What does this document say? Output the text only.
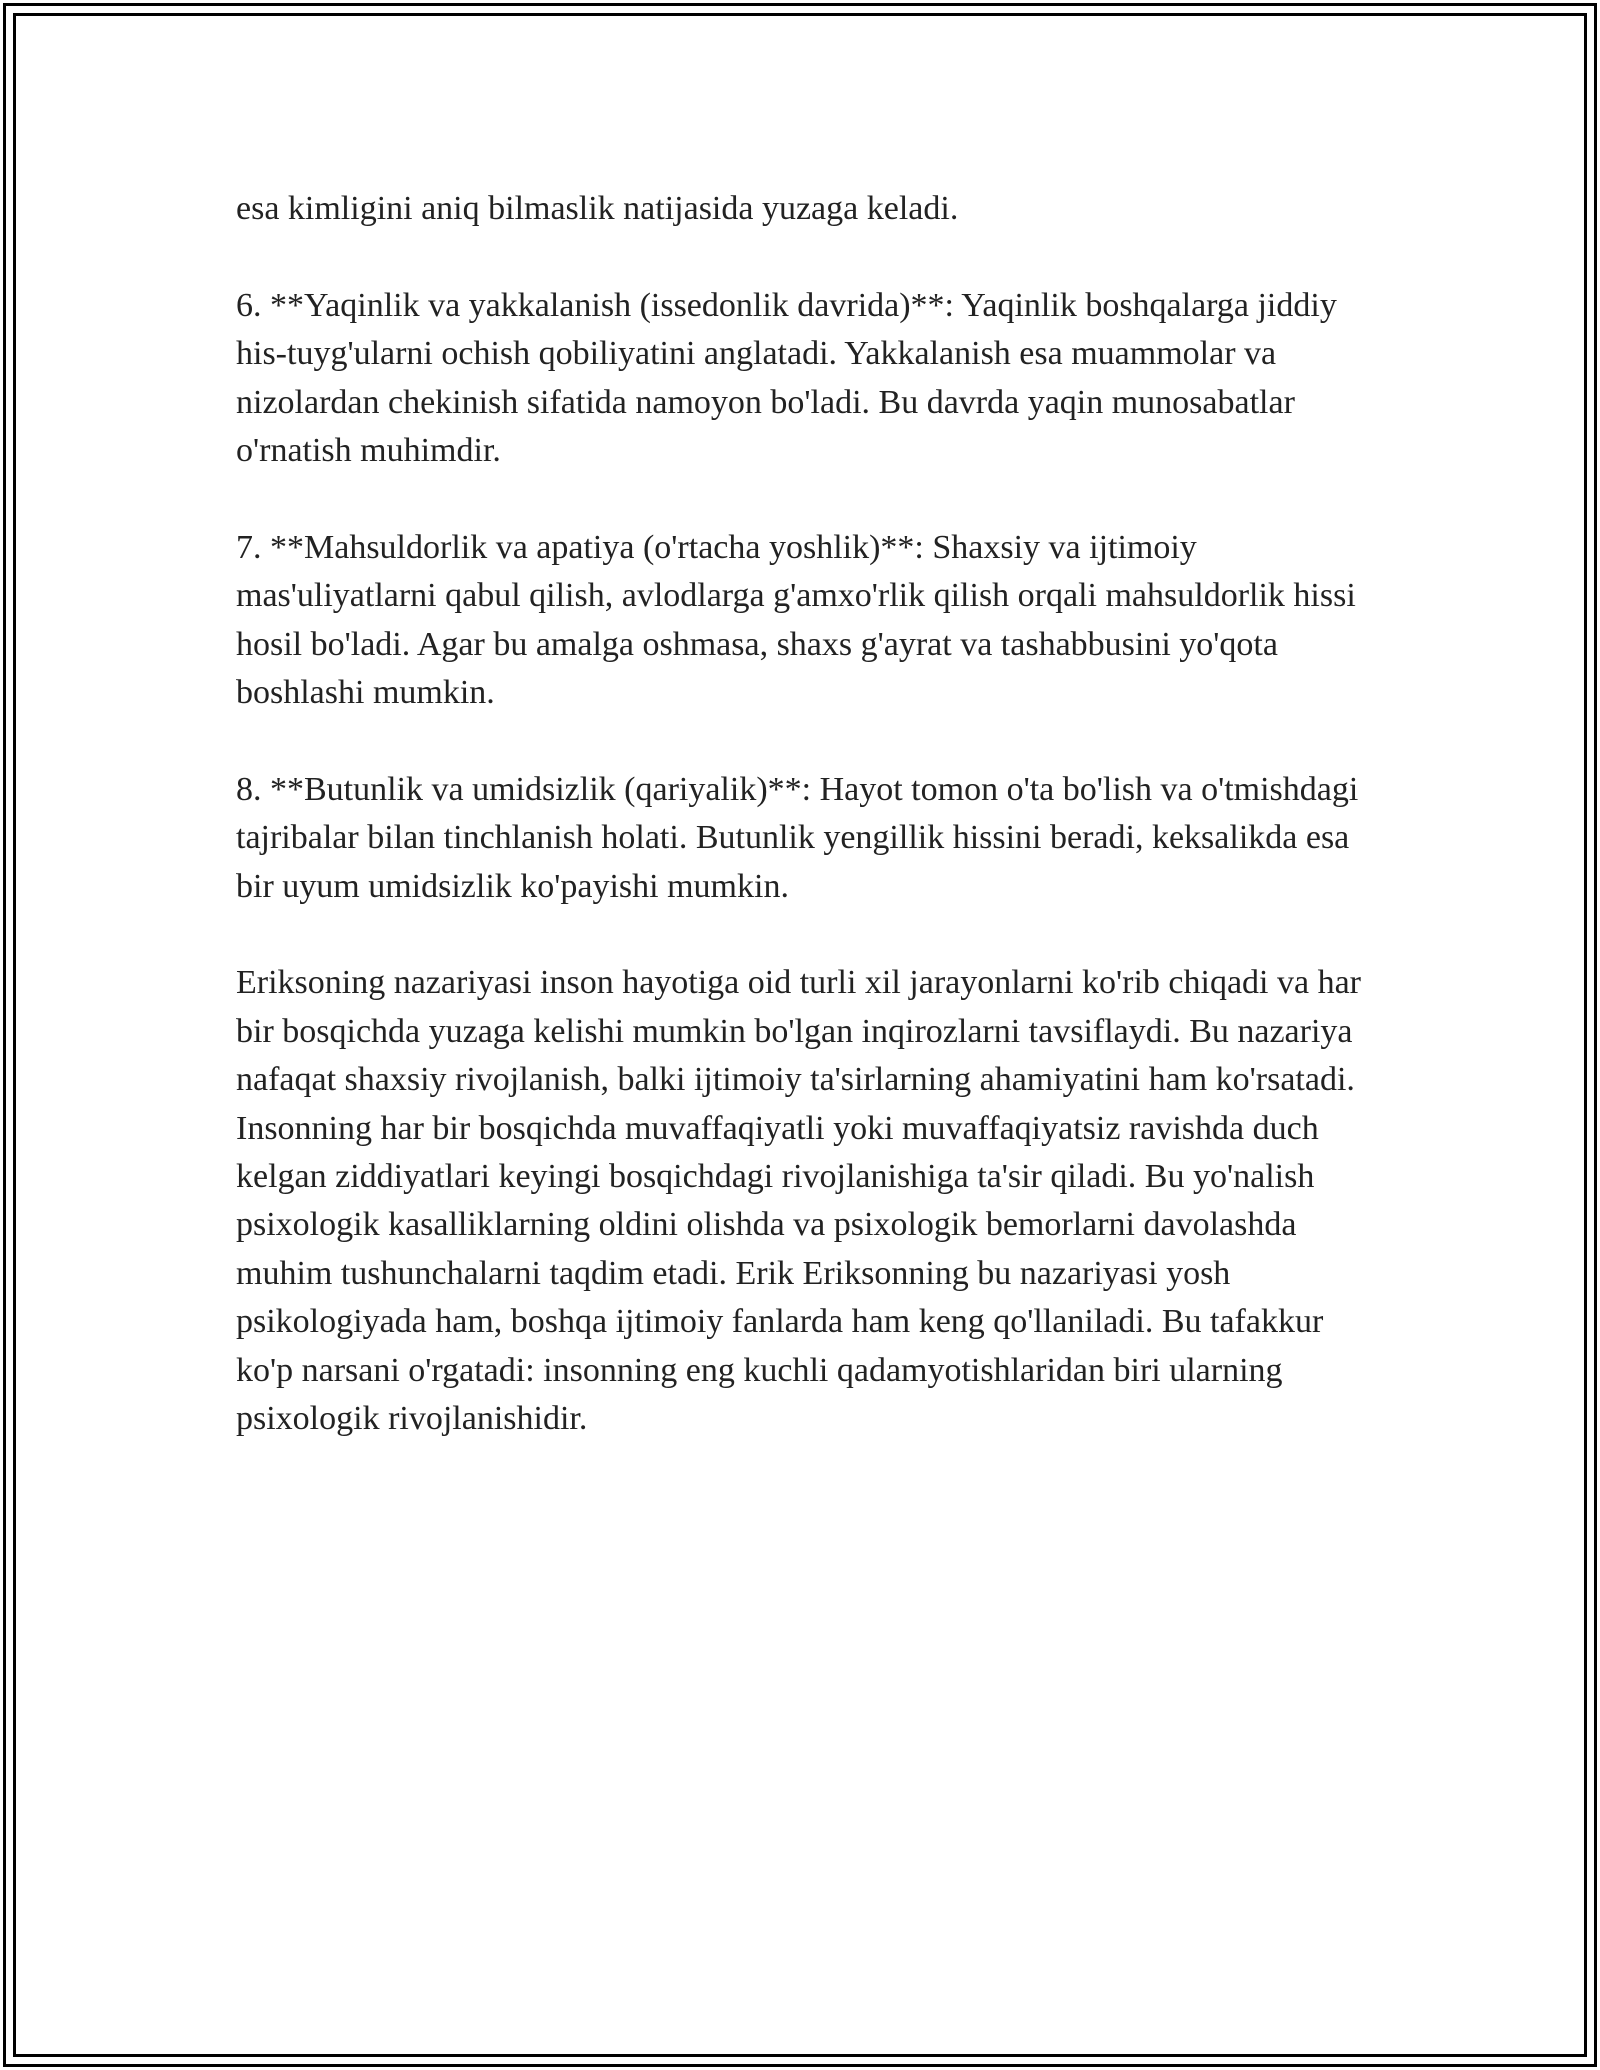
esa kimligini aniq bilmaslik natijasida yuzaga keladi.

6. **Yaqinlik va yakkalanish (issedonlik davrida)**: Yaqinlik boshqalarga jiddiy his-tuyg'ularni ochish qobiliyatini anglatadi. Yakkalanish esa muammolar va nizolardan chekinish sifatida namoyon bo'ladi. Bu davrda yaqin munosabatlar o'rnatish muhimdir.

7. **Mahsuldorlik va apatiya (o'rtacha yoshlik)**: Shaxsiy va ijtimoiy mas'uliyatlarni qabul qilish, avlodlarga g'amxo'rlik qilish orqali mahsuldorlik hissi hosil bo'ladi. Agar bu amalga oshmasa, shaxs g'ayrat va tashabbusini yo'qota boshlashi mumkin.

8. **Butunlik va umidsizlik (qariyalik)**: Hayot tomon o'ta bo'lish va o'tmishdagi tajribalar bilan tinchlanish holati. Butunlik yengillik hissini beradi, keksalikda esa bir uyum umidsizlik ko'payishi mumkin.

Eriksoning nazariyasi inson hayotiga oid turli xil jarayonlarni ko'rib chiqadi va har bir bosqichda yuzaga kelishi mumkin bo'lgan inqirozlarni tavsiflaydi. Bu nazariya nafaqat shaxsiy rivojlanish, balki ijtimoiy ta'sirlarning ahamiyatini ham ko'rsatadi. Insonning har bir bosqichda muvaffaqiyatli yoki muvaffaqiyatsiz ravishda duch kelgan ziddiyatlari keyingi bosqichdagi rivojlanishiga ta'sir qiladi. Bu yo'nalish psixologik kasalliklarning oldini olishda va psixologik bemorlarni davolashda muhim tushunchalarni taqdim etadi. Erik Eriksonning bu nazariyasi yosh psikologiyada ham, boshqa ijtimoiy fanlarda ham keng qo'llaniladi. Bu tafakkur ko'p narsani o'rgatadi: insonning eng kuchli qadamyotishlaridan biri ularning psixologik rivojlanishidir.
